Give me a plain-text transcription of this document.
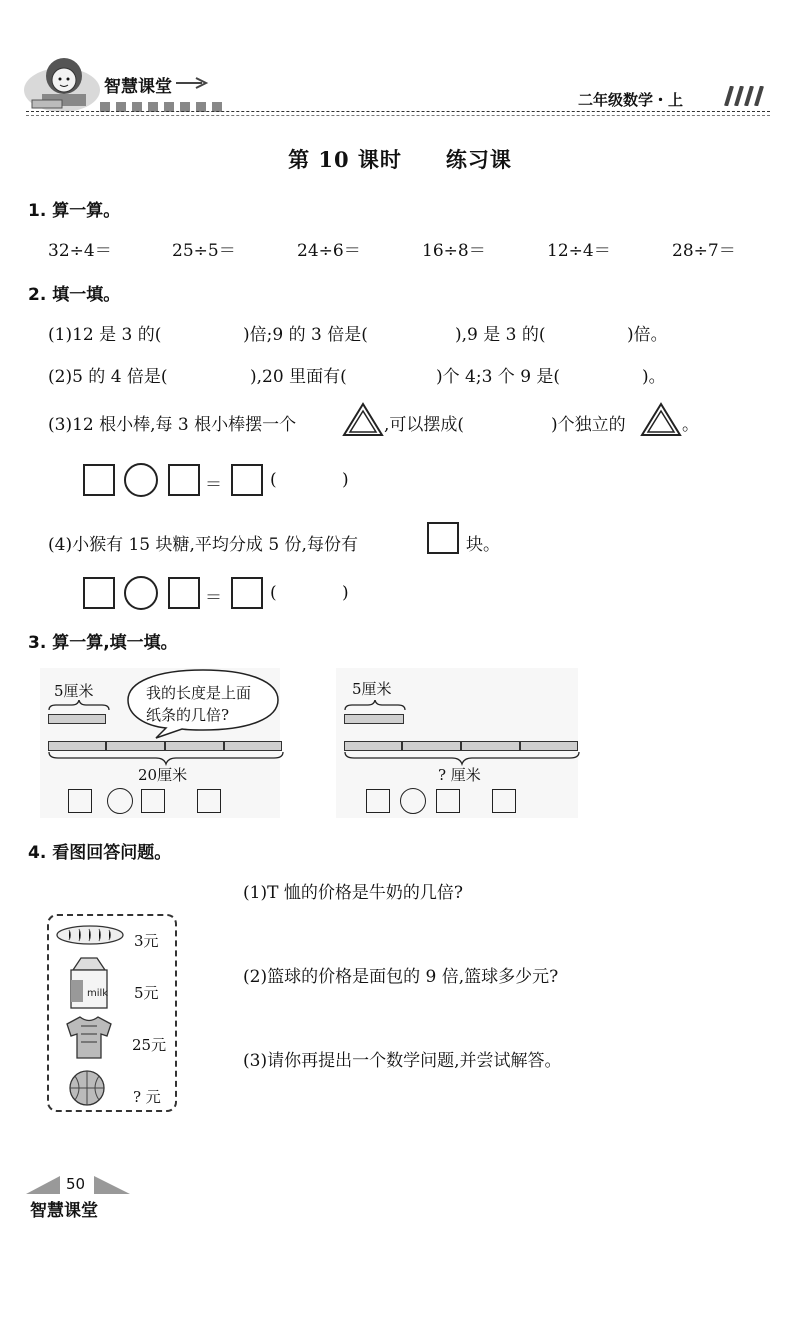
智慧课堂
二年级数学・上
第 10 课时　　练习课
1. 算一算。
32÷4＝	25÷5＝	24÷6＝	16÷8＝	12÷4＝	28÷7＝
2. 填一填。
(1)12 是 3 的(	)倍;9 的 3 倍是(	),9 是 3 的(	)倍。
(2)5 的 4 倍是(	),20 里面有(	)个 4;3 个 9 是(	)。
(3)12 根小棒,每 3 根小棒摆一个	,可以摆成(	)个独立的	。
＝	(	)
(4)小猴有 15 块糖,平均分成 5 份,每份有	块。
＝	(	)
3. 算一算,填一填。
5厘米	我的长度是上面
纸条的几倍?
20厘米
5厘米
? 厘米
4. 看图回答问题。
3元
milk 5元
25元
? 元
(1)T 恤的价格是牛奶的几倍?
(2)篮球的价格是面包的 9 倍,篮球多少元?
(3)请你再提出一个数学问题,并尝试解答。
50
智慧课堂
